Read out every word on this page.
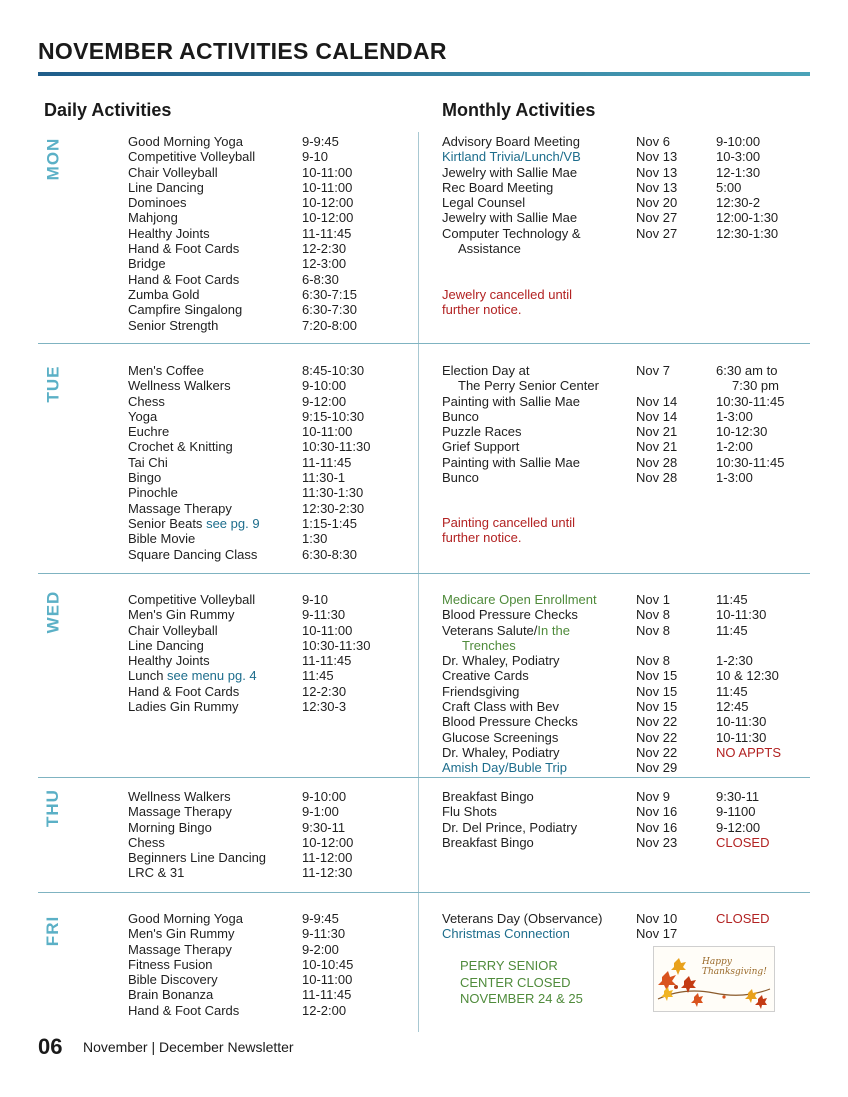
NOVEMBER ACTIVITIES CALENDAR
Daily Activities	Monthly Activities
MON	Good Morning Yoga	9-9:45
Competitive Volleyball	9-10
Chair Volleyball	10-11:00
Line Dancing	10-11:00
Dominoes	10-12:00
Mahjong	10-12:00
Healthy Joints	11-11:45
Hand & Foot Cards	12-2:30
Bridge	12-3:00
Hand & Foot Cards	6-8:30
Zumba Gold	6:30-7:15
Campfire Singalong	6:30-7:30
Senior Strength	7:20-8:00
Advisory Board Meeting	Nov 6	9-10:00
Kirtland Trivia/Lunch/VB	Nov 13	10-3:00
Jewelry with Sallie Mae	Nov 13	12-1:30
Rec Board Meeting	Nov 13	5:00
Legal Counsel	Nov 20	12:30-2
Jewelry with Sallie Mae	Nov 27	12:00-1:30
Computer Technology &	Nov 27	12:30-1:30
Assistance
Jewelry cancelled until
further notice.
TUE	Men's Coffee	8:45-10:30
Wellness Walkers	9-10:00
Chess	9-12:00
Yoga	9:15-10:30
Euchre	10-11:00
Crochet & Knitting	10:30-11:30
Tai Chi	11-11:45
Bingo	11:30-1
Pinochle	11:30-1:30
Massage Therapy	12:30-2:30
Senior Beats see pg. 9	1:15-1:45
Bible Movie	1:30
Square Dancing Class	6:30-8:30
Election Day at	Nov 7	6:30 am to
The Perry Senior Center	7:30 pm
Painting with Sallie Mae	Nov 14	10:30-11:45
Bunco	Nov 14	1-3:00
Puzzle Races	Nov 21	10-12:30
Grief Support	Nov 21	1-2:00
Painting with Sallie Mae	Nov 28	10:30-11:45
Bunco	Nov 28	1-3:00
Painting cancelled until
further notice.
WED	Competitive Volleyball	9-10
Men's Gin Rummy	9-11:30
Chair Volleyball	10-11:00
Line Dancing	10:30-11:30
Healthy Joints	11-11:45
Lunch see menu pg. 4	11:45
Hand & Foot Cards	12-2:30
Ladies Gin Rummy	12:30-3
Medicare Open Enrollment	Nov 1	11:45
Blood Pressure Checks	Nov 8	10-11:30
Veterans Salute/In the	Nov 8	11:45
Trenches
Dr. Whaley, Podiatry	Nov 8	1-2:30
Creative Cards	Nov 15	10 & 12:30
Friendsgiving	Nov 15	11:45
Craft Class with Bev	Nov 15	12:45
Blood Pressure Checks	Nov 22	10-11:30
Glucose Screenings	Nov 22	10-11:30
Dr. Whaley, Podiatry	Nov 22	NO APPTS
Amish Day/Buble Trip	Nov 29
THU	Wellness Walkers	9-10:00
Massage Therapy	9-1:00
Morning Bingo	9:30-11
Chess	10-12:00
Beginners Line Dancing	11-12:00
LRC & 31	11-12:30
Breakfast Bingo	Nov 9	9:30-11
Flu Shots	Nov 16	9-1100
Dr. Del Prince, Podiatry	Nov 16	9-12:00
Breakfast Bingo	Nov 23	CLOSED
FRI	Good Morning Yoga	9-9:45
Men's Gin Rummy	9-11:30
Massage Therapy	9-2:00
Fitness Fusion	10-10:45
Bible Discovery	10-11:00
Brain Bonanza	11-11:45
Hand & Foot Cards	12-2:00
Veterans Day (Observance)	Nov 10	CLOSED
Christmas Connection	Nov 17
PERRY SENIOR
CENTER CLOSED
NOVEMBER 24 & 25
Happy
Thanksgiving!
06 November | December Newsletter
